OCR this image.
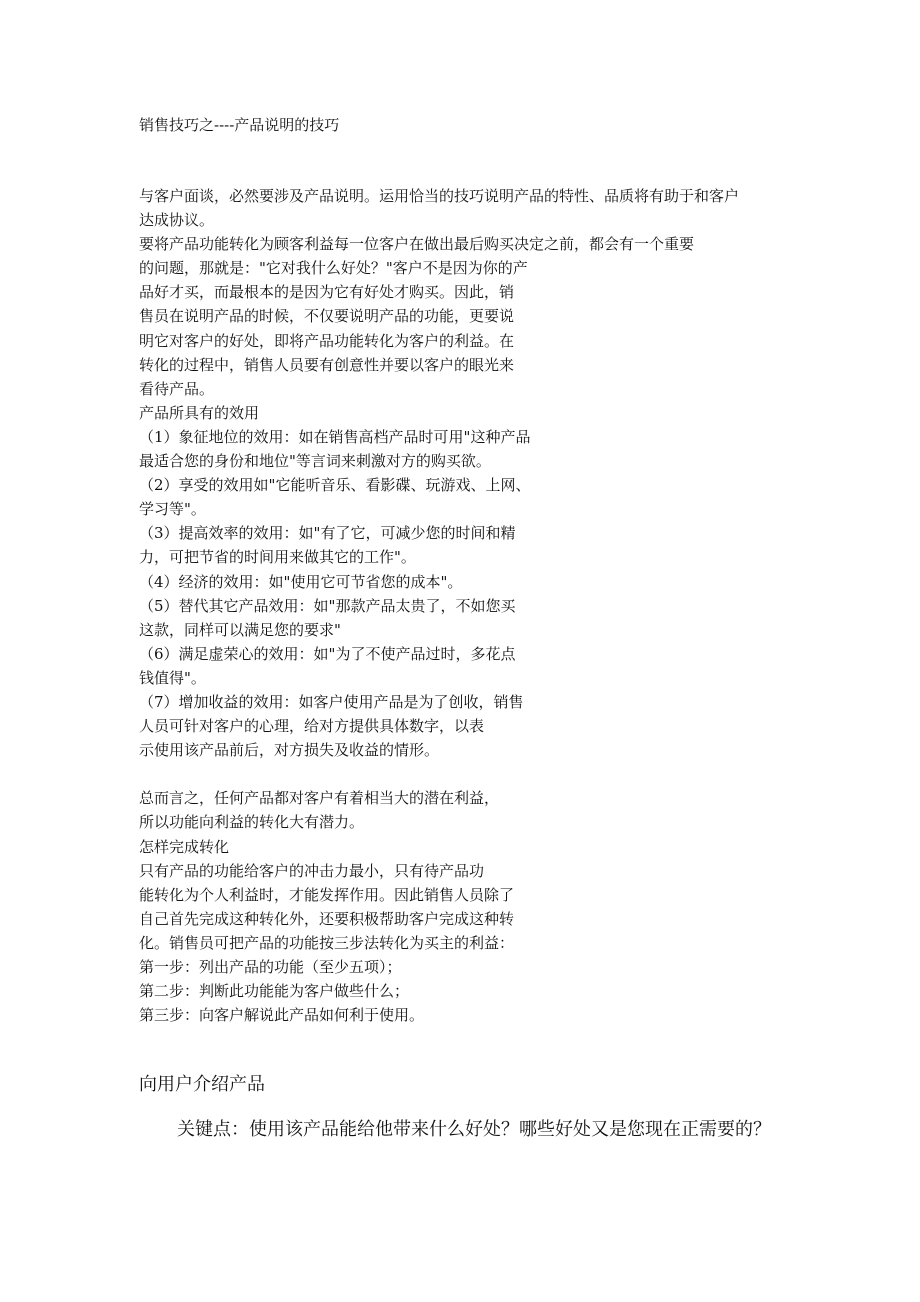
销售技巧之----产品说明的技巧
与客户面谈，必然要涉及产品说明。运用恰当的技巧说明产品的特性、品质将有助于和客户
达成协议。
要将产品功能转化为顾客利益每一位客户在做出最后购买决定之前，都会有一个重要
的问题，那就是："它对我什么好处？"客户不是因为你的产
品好才买，而最根本的是因为它有好处才购买。因此，销
售员在说明产品的时候，不仅要说明产品的功能，更要说
明它对客户的好处，即将产品功能转化为客户的利益。在
转化的过程中，销售人员要有创意性并要以客户的眼光来
看待产品。
产品所具有的效用
（1）象征地位的效用：如在销售高档产品时可用"这种产品
最适合您的身份和地位"等言词来刺激对方的购买欲。
（2）享受的效用如"它能听音乐、看影碟、玩游戏、上网、
学习等"。
（3）提高效率的效用：如"有了它，可减少您的时间和精
力，可把节省的时间用来做其它的工作"。
（4）经济的效用：如"使用它可节省您的成本"。
（5）替代其它产品效用：如"那款产品太贵了，不如您买
这款，同样可以满足您的要求"
（6）满足虚荣心的效用：如"为了不使产品过时，多花点
钱值得"。
（7）增加收益的效用：如客户使用产品是为了创收，销售
人员可针对客户的心理，给对方提供具体数字，以表
示使用该产品前后，对方损失及收益的情形。
总而言之，任何产品都对客户有着相当大的潜在利益，
所以功能向利益的转化大有潜力。
怎样完成转化
只有产品的功能给客户的冲击力最小，只有待产品功
能转化为个人利益时，才能发挥作用。因此销售人员除了
自己首先完成这种转化外，还要积极帮助客户完成这种转
化。销售员可把产品的功能按三步法转化为买主的利益：
第一步：列出产品的功能（至少五项）；
第二步：判断此功能能为客户做些什么；
第三步：向客户解说此产品如何利于使用。
向用户介绍产品
关键点：使用该产品能给他带来什么好处？哪些好处又是您现在正需要的？
